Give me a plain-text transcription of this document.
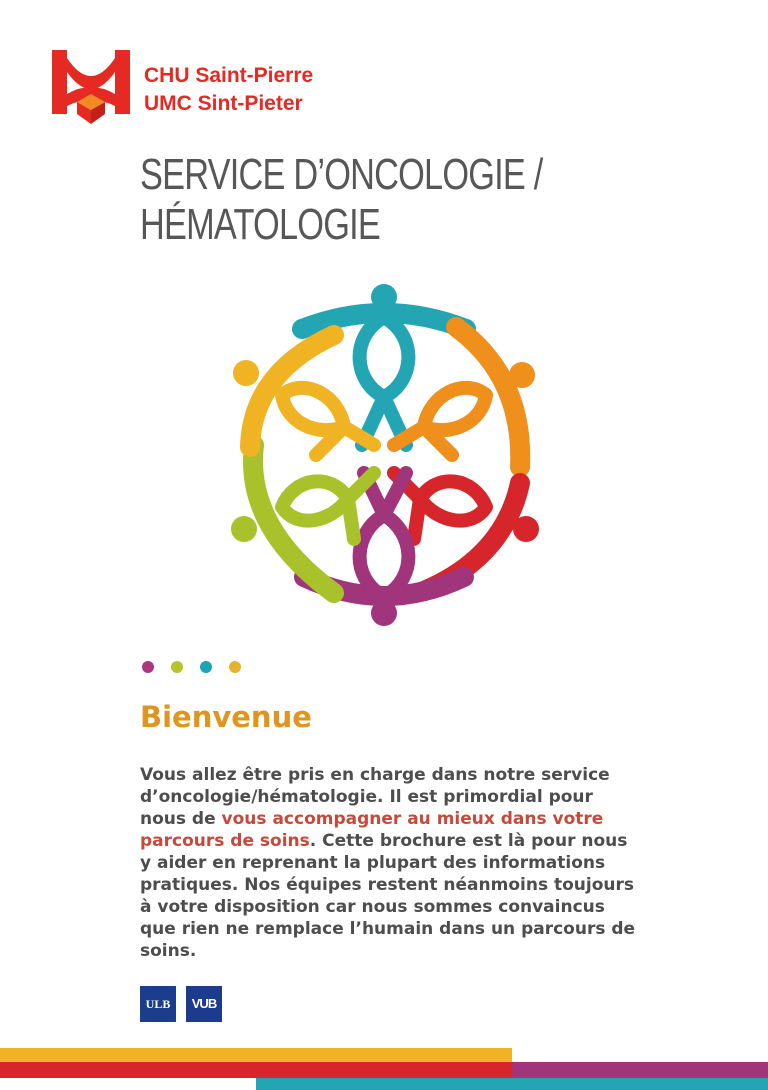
CHU Saint-Pierre
UMC Sint-Pieter
SERVICE D’ONCOLOGIE /
HÉMATOLOGIE
Bienvenue
Vous allez être pris en charge dans notre service d’oncologie/hématologie. Il est primordial pour nous de vous accompagner au mieux dans votre parcours de soins. Cette brochure est là pour nous y aider en reprenant la plupart des informations pratiques. Nos équipes restent néanmoins toujours à votre disposition car nous sommes convaincus que rien ne remplace l’humain dans un parcours de soins.
ULB VUB
